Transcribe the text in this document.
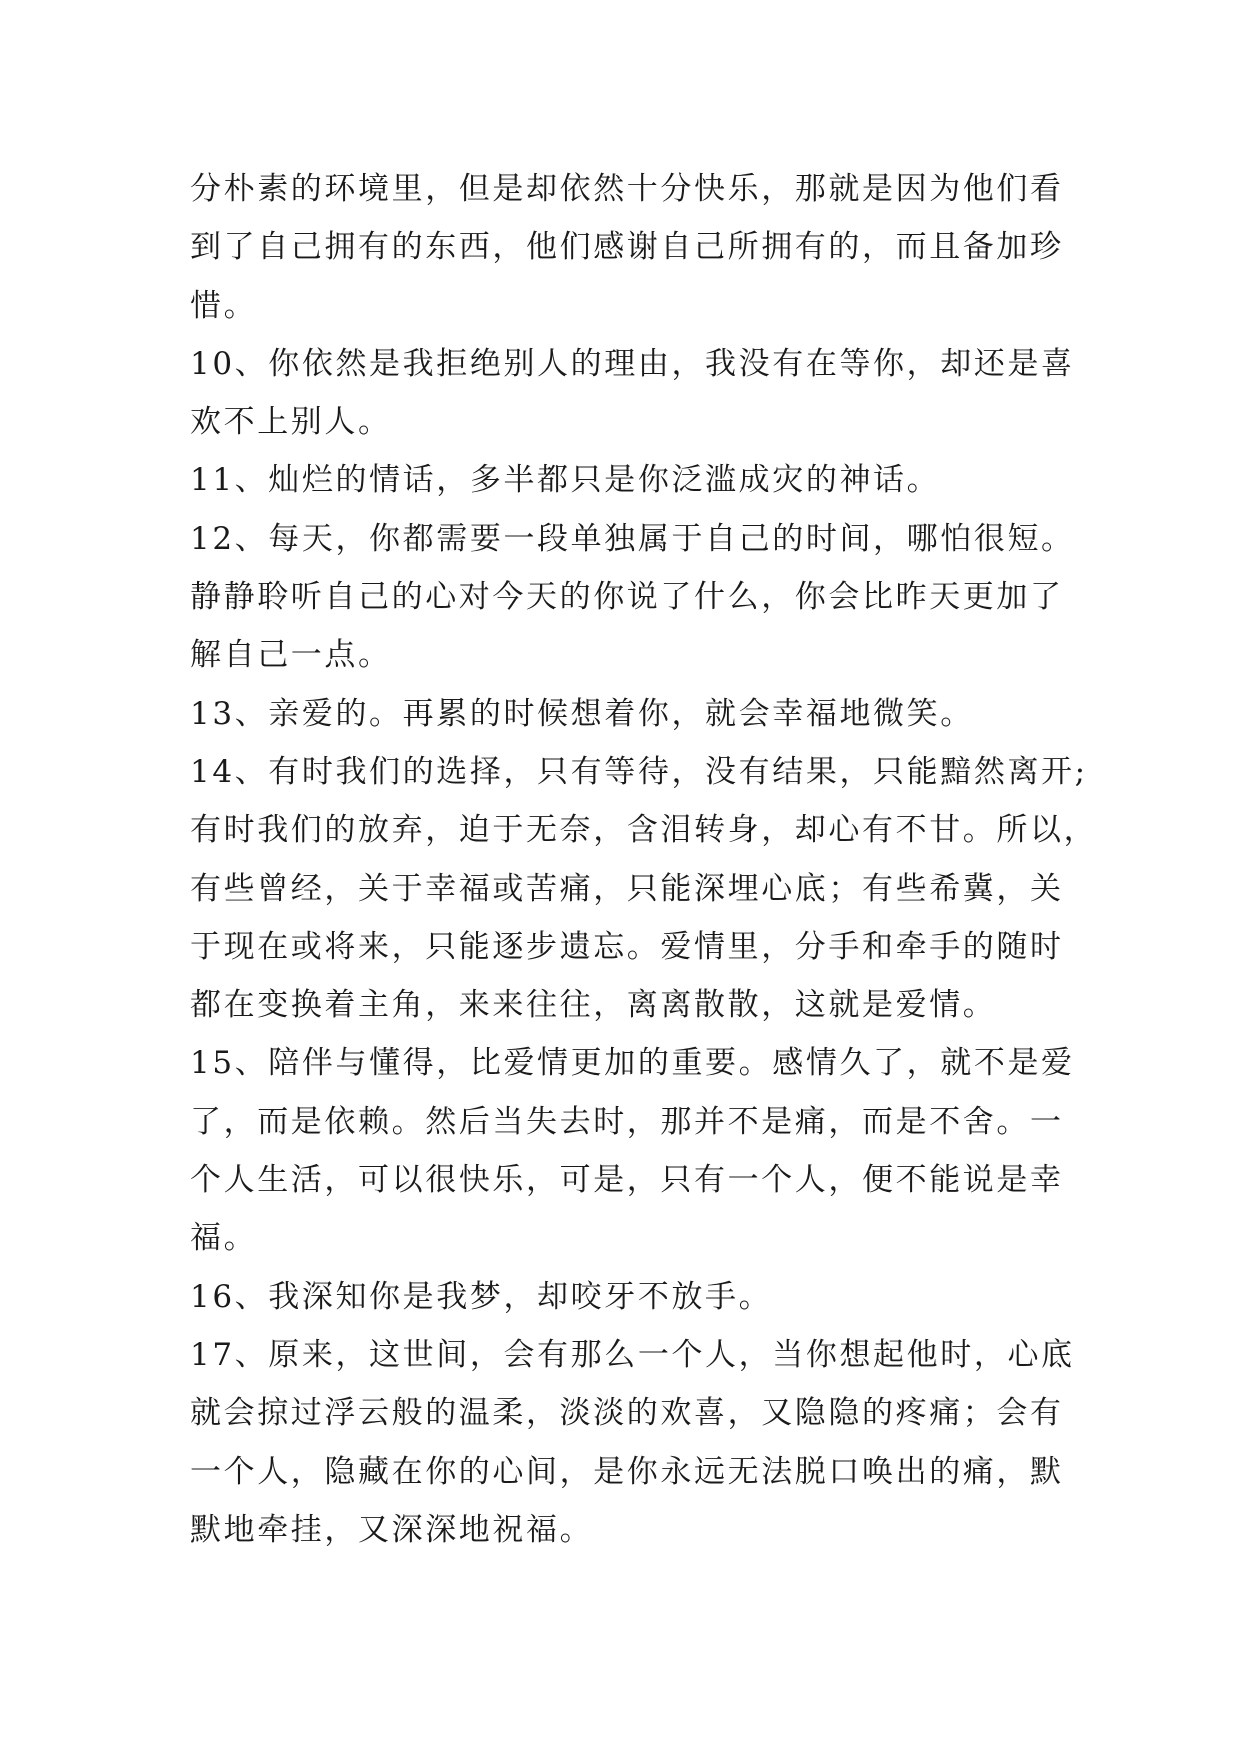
分朴素的环境里，但是却依然十分快乐，那就是因为他们看
到了自己拥有的东西，他们感谢自己所拥有的，而且备加珍
惜。
10、你依然是我拒绝别人的理由，我没有在等你，却还是喜
欢不上别人。
11、灿烂的情话，多半都只是你泛滥成灾的神话。
12、每天，你都需要一段单独属于自己的时间，哪怕很短。
静静聆听自己的心对今天的你说了什么，你会比昨天更加了
解自己一点。
13、亲爱的。再累的时候想着你，就会幸福地微笑。
14、有时我们的选择，只有等待，没有结果，只能黯然离开;
有时我们的放弃，迫于无奈，含泪转身，却心有不甘。所以，
有些曾经，关于幸福或苦痛，只能深埋心底；有些希冀，关
于现在或将来，只能逐步遗忘。爱情里，分手和牵手的随时
都在变换着主角，来来往往，离离散散，这就是爱情。
15、陪伴与懂得，比爱情更加的重要。感情久了，就不是爱
了，而是依赖。然后当失去时，那并不是痛，而是不舍。一
个人生活，可以很快乐，可是，只有一个人，便不能说是幸
福。
16、我深知你是我梦，却咬牙不放手。
17、原来，这世间，会有那么一个人，当你想起他时，心底
就会掠过浮云般的温柔，淡淡的欢喜，又隐隐的疼痛；会有
一个人，隐藏在你的心间，是你永远无法脱口唤出的痛，默
默地牵挂，又深深地祝福。
